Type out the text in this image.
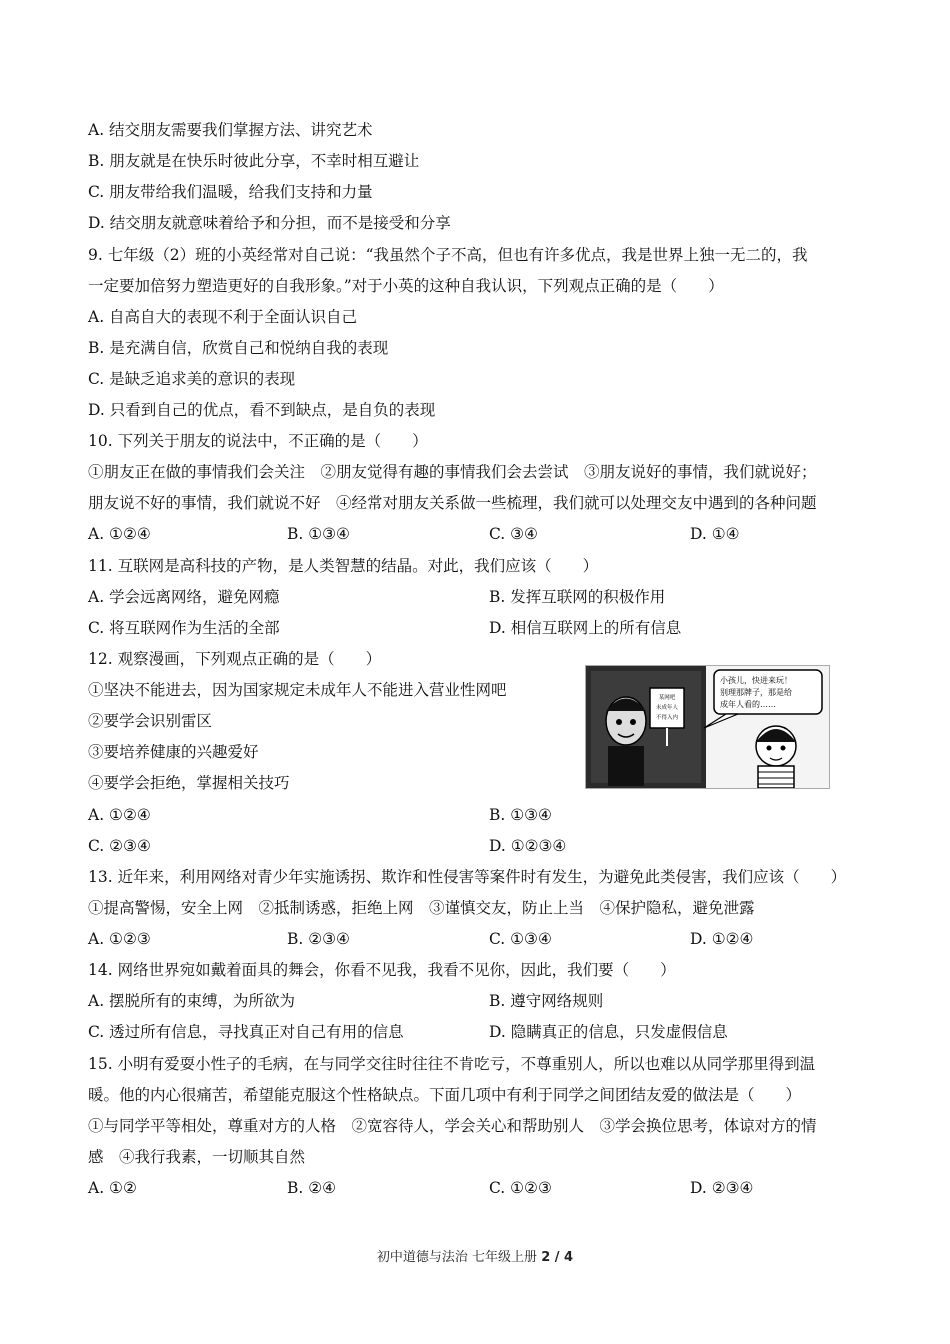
A. 结交朋友需要我们掌握方法、讲究艺术
B. 朋友就是在快乐时彼此分享，不幸时相互避让
C. 朋友带给我们温暖，给我们支持和力量
D. 结交朋友就意味着给予和分担，而不是接受和分享
9. 七年级（2）班的小英经常对自己说：“我虽然个子不高，但也有许多优点，我是世界上独一无二的，我
一定要加倍努力塑造更好的自我形象。”对于小英的这种自我认识，下列观点正确的是（　　）
A. 自高自大的表现不利于全面认识自己
B. 是充满自信，欣赏自己和悦纳自我的表现
C. 是缺乏追求美的意识的表现
D. 只看到自己的优点，看不到缺点，是自负的表现
10. 下列关于朋友的说法中，不正确的是（　　）
①朋友正在做的事情我们会关注　②朋友觉得有趣的事情我们会去尝试　③朋友说好的事情，我们就说好；
朋友说不好的事情，我们就说不好　④经常对朋友关系做一些梳理，我们就可以处理交友中遇到的各种问题
A. ①②④	B. ①③④	C. ③④	D. ①④
11. 互联网是高科技的产物，是人类智慧的结晶。对此，我们应该（　　）
A. 学会远离网络，避免网瘾	B. 发挥互联网的积极作用
C. 将互联网作为生活的全部	D. 相信互联网上的所有信息
12. 观察漫画，下列观点正确的是（　　）
①坚决不能进去，因为国家规定未成年人不能进入营业性网吧
②要学会识别雷区
③要培养健康的兴趣爱好
④要学会拒绝，掌握相关技巧
A. ①②④	B. ①③④
C. ②③④	D. ①②③④
某网吧
未成年人
不得入内
小孩儿，快进来玩！
别理那牌子，那是给
成年人看的……
13. 近年来，利用网络对青少年实施诱拐、欺诈和性侵害等案件时有发生，为避免此类侵害，我们应该（　　）
①提高警惕，安全上网　②抵制诱惑，拒绝上网　③谨慎交友，防止上当　④保护隐私，避免泄露
A. ①②③	B. ②③④	C. ①③④	D. ①②④
14. 网络世界宛如戴着面具的舞会，你看不见我，我看不见你，因此，我们要（　　）
A. 摆脱所有的束缚，为所欲为	B. 遵守网络规则
C. 透过所有信息，寻找真正对自己有用的信息	D. 隐瞒真正的信息，只发虚假信息
15. 小明有爱耍小性子的毛病，在与同学交往时往往不肯吃亏，不尊重别人，所以也难以从同学那里得到温
暖。他的内心很痛苦，希望能克服这个性格缺点。下面几项中有利于同学之间团结友爱的做法是（　　）
①与同学平等相处，尊重对方的人格　②宽容待人，学会关心和帮助别人　③学会换位思考，体谅对方的情
感　④我行我素，一切顺其自然
A. ①②	B. ②④	C. ①②③	D. ②③④
初中道德与法治 七年级上册 2 / 4
